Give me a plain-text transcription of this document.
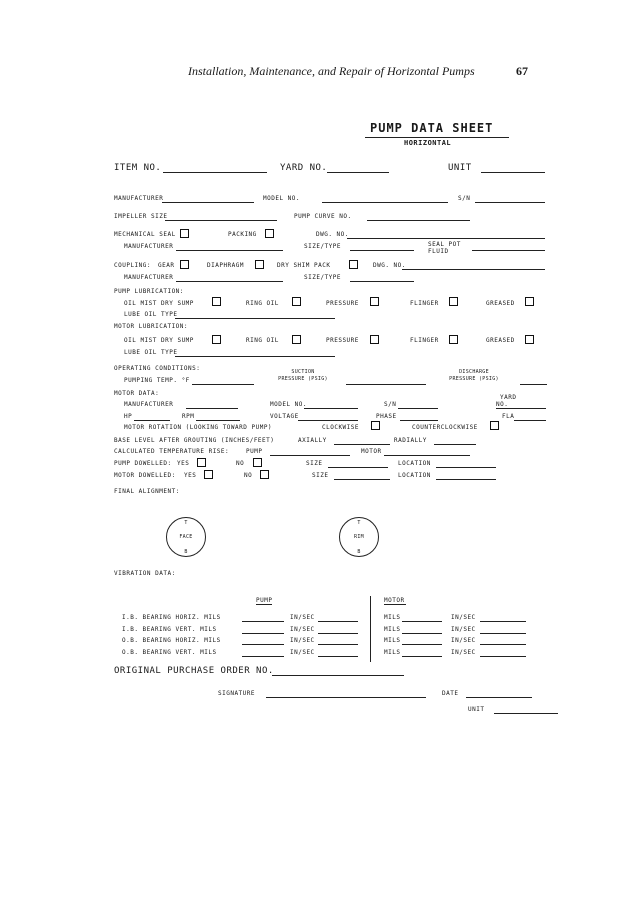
Installation, Maintenance, and Repair of Horizontal Pumps	67
PUMP DATA SHEET
HORIZONTAL
ITEM NO.	YARD NO.	UNIT
MANUFACTURER	MODEL NO.	S/N
IMPELLER SIZE	PUMP CURVE NO.
MECHANICAL SEAL	PACKING	DWG. NO.
MANUFACTURER	SIZE/TYPE	SEAL POT
FLUID
COUPLING: GEAR	DIAPHRAGM	DRY SHIM PACK	DWG. NO.
MANUFACTURER	SIZE/TYPE
PUMP LUBRICATION:
OIL MIST DRY SUMP	RING OIL	PRESSURE	FLINGER	GREASED
LUBE OIL TYPE
MOTOR LUBRICATION:
OIL MIST DRY SUMP	RING OIL	PRESSURE	FLINGER	GREASED
LUBE OIL TYPE
OPERATING CONDITIONS:
PUMPING TEMP. °F
SUCTION
PRESSURE (PSIG)
DISCHARGE
PRESSURE (PSIG)
MOTOR DATA:
MANUFACTURER	MODEL NO.	S/N
YARD
NO.
HP	RPM	VOLTAGE	PHASE	FLA
MOTOR ROTATION (LOOKING TOWARD PUMP)	CLOCKWISE	COUNTERCLOCKWISE
BASE LEVEL AFTER GROUTING (INCHES/FEET)	AXIALLY	RADIALLY
CALCULATED TEMPERATURE RISE:	PUMP	MOTOR
PUMP DOWELLED: YES	NO	SIZE	LOCATION
MOTOR DOWELLED: YES	NO	SIZE	LOCATION
FINAL ALIGNMENT:
T
FACE
B
T
RIM
B
VIBRATION DATA:
PUMP	MOTOR
I.B. BEARING HORIZ. MILS	IN/SEC	MILS	IN/SEC
I.B. BEARING VERT. MILS	IN/SEC	MILS	IN/SEC
O.B. BEARING HORIZ. MILS	IN/SEC	MILS	IN/SEC
O.B. BEARING VERT. MILS	IN/SEC	MILS	IN/SEC
ORIGINAL PURCHASE ORDER NO.
SIGNATURE	DATE
UNIT
